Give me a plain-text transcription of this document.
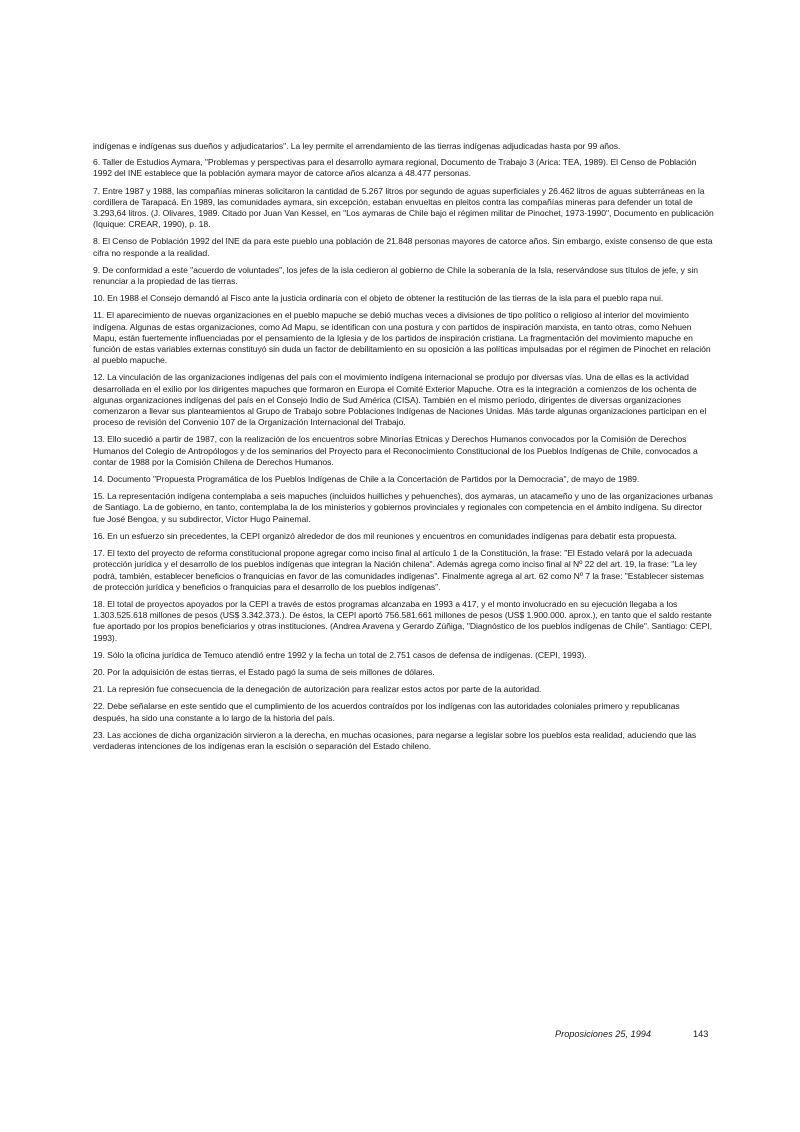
indígenas e indígenas sus dueños y adjudicatarios". La ley permite el arrendamiento de las tierras indígenas adjudicadas hasta por 99 años.

6. Taller de Estudios Aymara, "Problemas y perspectivas para el desarrollo aymara regional, Documento de Trabajo 3 (Arica: TEA, 1989). El Censo de Población 1992 del INE establece que la población aymara mayor de catorce años alcanza a 48.477 personas.

7. Entre 1987 y 1988, las compañías mineras solicitaron la cantidad de 5.267 litros por segundo de aguas superficiales y 26.462 litros de aguas subterráneas en la cordillera de Tarapacá. En 1989, las comunidades aymara, sin excepción, estaban envueltas en pleitos contra las compañías mineras para defender un total de 3.293,64 litros. (J. Olivares, 1989. Citado por Juan Van Kessel, en "Los aymaras de Chile bajo el régimen militar de Pinochet, 1973-1990", Documento en publicación (Iquique: CREAR, 1990), p. 18.

8. El Censo de Población 1992 del INE da para este pueblo una población de 21.848 personas mayores de catorce años. Sin embargo, existe consenso de que esta cifra no responde a la realidad.

9. De conformidad a este "acuerdo de voluntades", los jefes de la isla cedieron al gobierno de Chile la soberanía de la Isla, reservándose sus títulos de jefe, y sin renunciar a la propiedad de las tierras.

10. En 1988 el Consejo demandó al Fisco ante la justicia ordinaria con el objeto de obtener la restitución de las tierras de la isla para el pueblo rapa nui.

11. El aparecimiento de nuevas organizaciones en el pueblo mapuche se debió muchas veces a divisiones de tipo político o religioso al interior del movimiento indígena. Algunas de estas organizaciones, como Ad Mapu, se identifican con una postura y con partidos de inspiración marxista, en tanto otras, como Nehuen Mapu, están fuertemente influenciadas por el pensamiento de la Iglesia y de los partidos de inspiración cristiana. La fragmentación del movimiento mapuche en función de estas variables externas constituyó sin duda un factor de debilitamiento en su oposición a las políticas impulsadas por el régimen de Pinochet en relación al pueblo mapuche.

12. La vinculación de las organizaciones indígenas del país con el movimiento indígena internacional se produjo por diversas vías. Una de ellas es la actividad desarrollada en el exilio por los dirigentes mapuches que formaron en Europa el Comité Exterior Mapuche. Otra es la integración a comienzos de los ochenta de algunas organizaciones indígenas del país en el Consejo Indio de Sud América (CISA). También en el mismo período, dirigentes de diversas organizaciones comenzaron a llevar sus planteamientos al Grupo de Trabajo sobre Poblaciones Indígenas de Naciones Unidas. Más tarde algunas organizaciones participan en el proceso de revisión del Convenio 107 de la Organización Internacional del Trabajo.

13. Ello sucedió a partir de 1987, con la realización de los encuentros sobre Minorías Etnicas y Derechos Humanos convocados por la Comisión de Derechos Humanos del Colegio de Antropólogos y de los seminarios del Proyecto para el Reconocimiento Constitucional de los Pueblos Indígenas de Chile, convocados a contar de 1988 por la Comisión Chilena de Derechos Humanos.

14. Documento "Propuesta Programática de los Pueblos Indígenas de Chile a la Concertación de Partidos por la Democracia", de mayo de 1989.

15. La representación indígena contemplaba a seis mapuches (incluidos huilliches y pehuenches), dos aymaras, un atacameño y uno de las organizaciones urbanas de Santiago. La de gobierno, en tanto, contemplaba la de los ministerios y gobiernos provinciales y regionales con competencia en el ámbito indígena. Su director fue José Bengoa, y su subdirector, Víctor Hugo Painemal.

16. En un esfuerzo sin precedentes, la CEPI organizó alrededor de dos mil reuniones y encuentros en comunidades indígenas para debatir esta propuesta.

17. El texto del proyecto de reforma constitucional propone agregar como inciso final al artículo 1 de la Constitución, la frase: "El Estado velará por la adecuada protección jurídica y el desarrollo de los pueblos indígenas que integran la Nación chilena". Además agrega como inciso final al Nº 22 del art. 19, la frase: "La ley podrá, también, establecer beneficios o franquicias en favor de las comunidades indígenas". Finalmente agrega al art. 62 como Nº 7 la frase: "Establecer sistemas de protección jurídica y beneficios o franquicias para el desarrollo de los pueblos indígenas".

18. El total de proyectos apoyados por la CEPI a través de estos programas alcanzaba en 1993 a 417, y el monto involucrado en su ejecución llegaba a los 1.303.525.618 millones de pesos (US$ 3.342.373.). De éstos, la CEPI aportó 756.581.661 millones de pesos (US$ 1.900.000. aprox.), en tanto que el saldo restante fue aportado por los propios beneficiarios y otras instituciones. (Andrea Aravena y Gerardo Zúñiga, "Diagnóstico de los pueblos indígenas de Chile". Santiago: CEPI, 1993).

19. Sólo la oficina jurídica de Temuco atendió entre 1992 y la fecha un total de 2.751 casos de defensa de indígenas. (CEPI, 1993).

20. Por la adquisición de estas tierras, el Estado pagó la suma de seis millones de dólares.

21. La represión fue consecuencia de la denegación de autorización para realizar estos actos por parte de la autoridad.

22. Debe señalarse en este sentido que el cumplimiento de los acuerdos contraídos por los indígenas con las autoridades coloniales primero y republicanas después, ha sido una constante a lo largo de la historia del país.

23. Las acciones de dicha organización sirvieron a la derecha, en muchas ocasiones, para negarse a legislar sobre los pueblos esta realidad, aduciendo que las verdaderas intenciones de los indígenas eran la escisión o separación del Estado chileno.

Proposiciones 25, 1994	143
